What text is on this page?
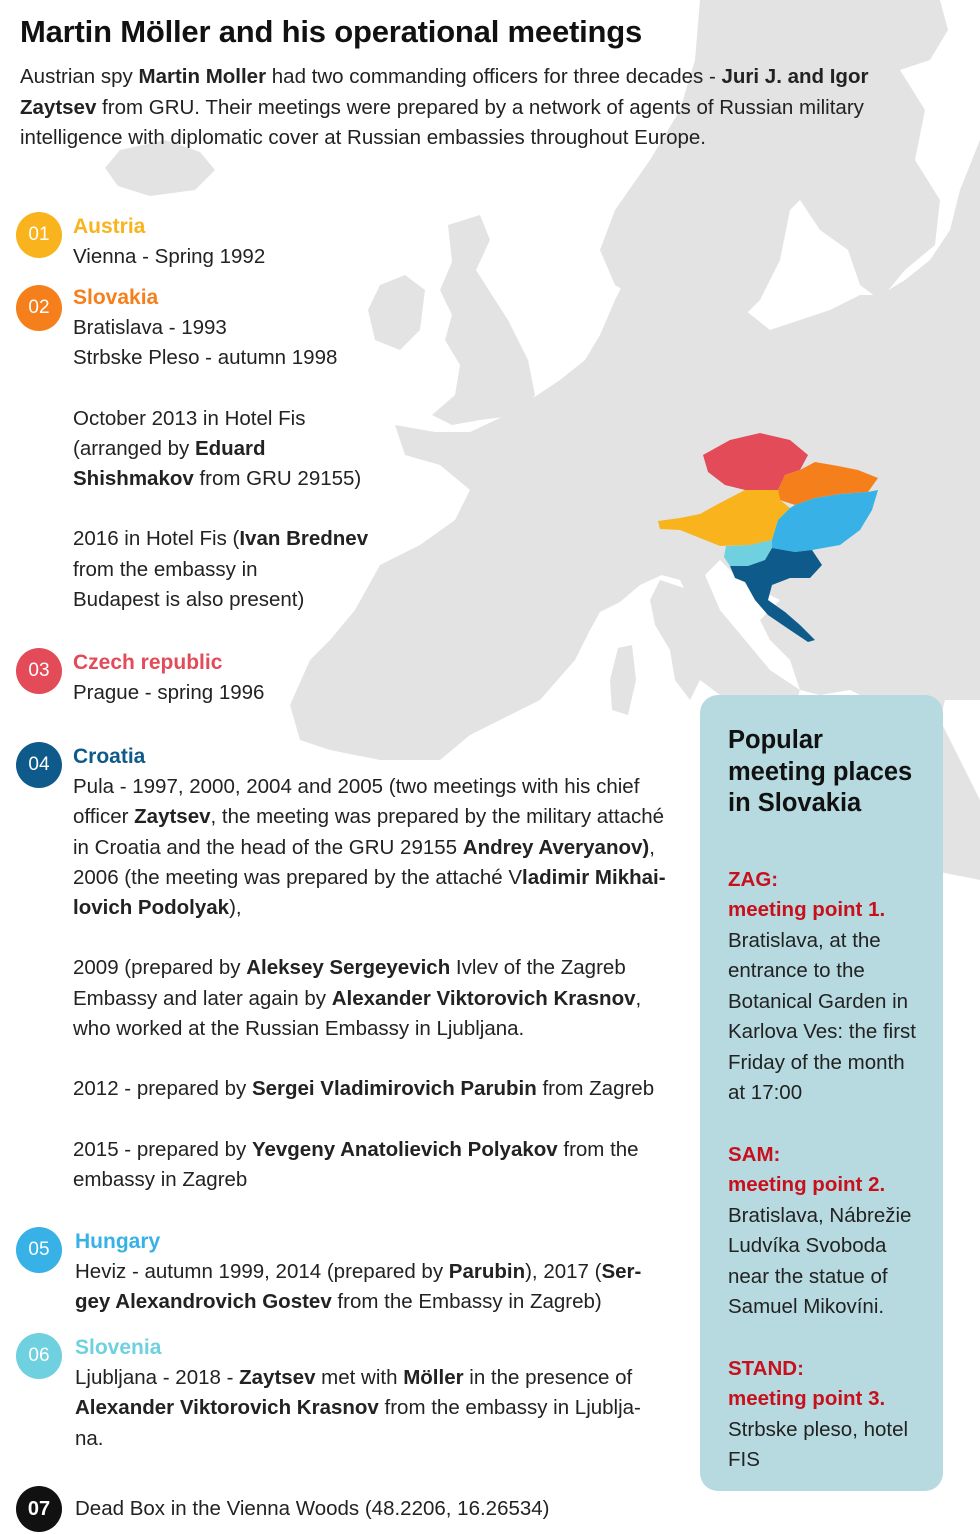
Martin Möller and his operational meetings
Austrian spy Martin Moller had two commanding officers for three decades - Juri J. and Igor Zaytsev from GRU. Their meetings were prepared by a network of agents of Russian military intelligence with diplomatic cover at Russian embassies throughout Europe.
01	Austria
Vienna - Spring 1992
02	Slovakia
Bratislava - 1993
Strbske Pleso - autumn 1998
October 2013 in Hotel Fis
(arranged by Eduard
Shishmakov from GRU 29155)
2016 in Hotel Fis (Ivan Brednev
from the embassy in
Budapest is also present)
03	Czech republic
Prague - spring 1996
04	Croatia
Pula - 1997, 2000, 2004 and 2005 (two meetings with his chief
officer Zaytsev, the meeting was prepared by the military attaché
in Croatia and the head of the GRU 29155 Andrey Averyanov),
2006 (the meeting was prepared by the attaché Vladimir Mikhai-
lovich Podolyak),
2009 (prepared by Aleksey Sergeyevich Ivlev of the Zagreb
Embassy and later again by Alexander Viktorovich Krasnov,
who worked at the Russian Embassy in Ljubljana.
2012 - prepared by Sergei Vladimirovich Parubin from Zagreb
2015 - prepared by Yevgeny Anatolievich Polyakov from the
embassy in Zagreb
05	Hungary
Heviz - autumn 1999, 2014 (prepared by Parubin), 2017 (Ser-
gey Alexandrovich Gostev from the Embassy in Zagreb)
06	Slovenia
Ljubljana - 2018 - Zaytsev met with Möller in the presence of
Alexander Viktorovich Krasnov from the embassy in Ljublja-
na.
07	Dead Box in the Vienna Woods (48.2206, 16.26534)
Popular
meeting places
in Slovakia
ZAG:
meeting point 1.
Bratislava, at the
entrance to the
Botanical Garden in
Karlova Ves: the first
Friday of the month
at 17:00
SAM:
meeting point 2.
Bratislava, Nábrežie
Ludvíka Svoboda
near the statue of
Samuel Mikovíni.
STAND:
meeting point 3.
Strbske pleso, hotel
FIS
